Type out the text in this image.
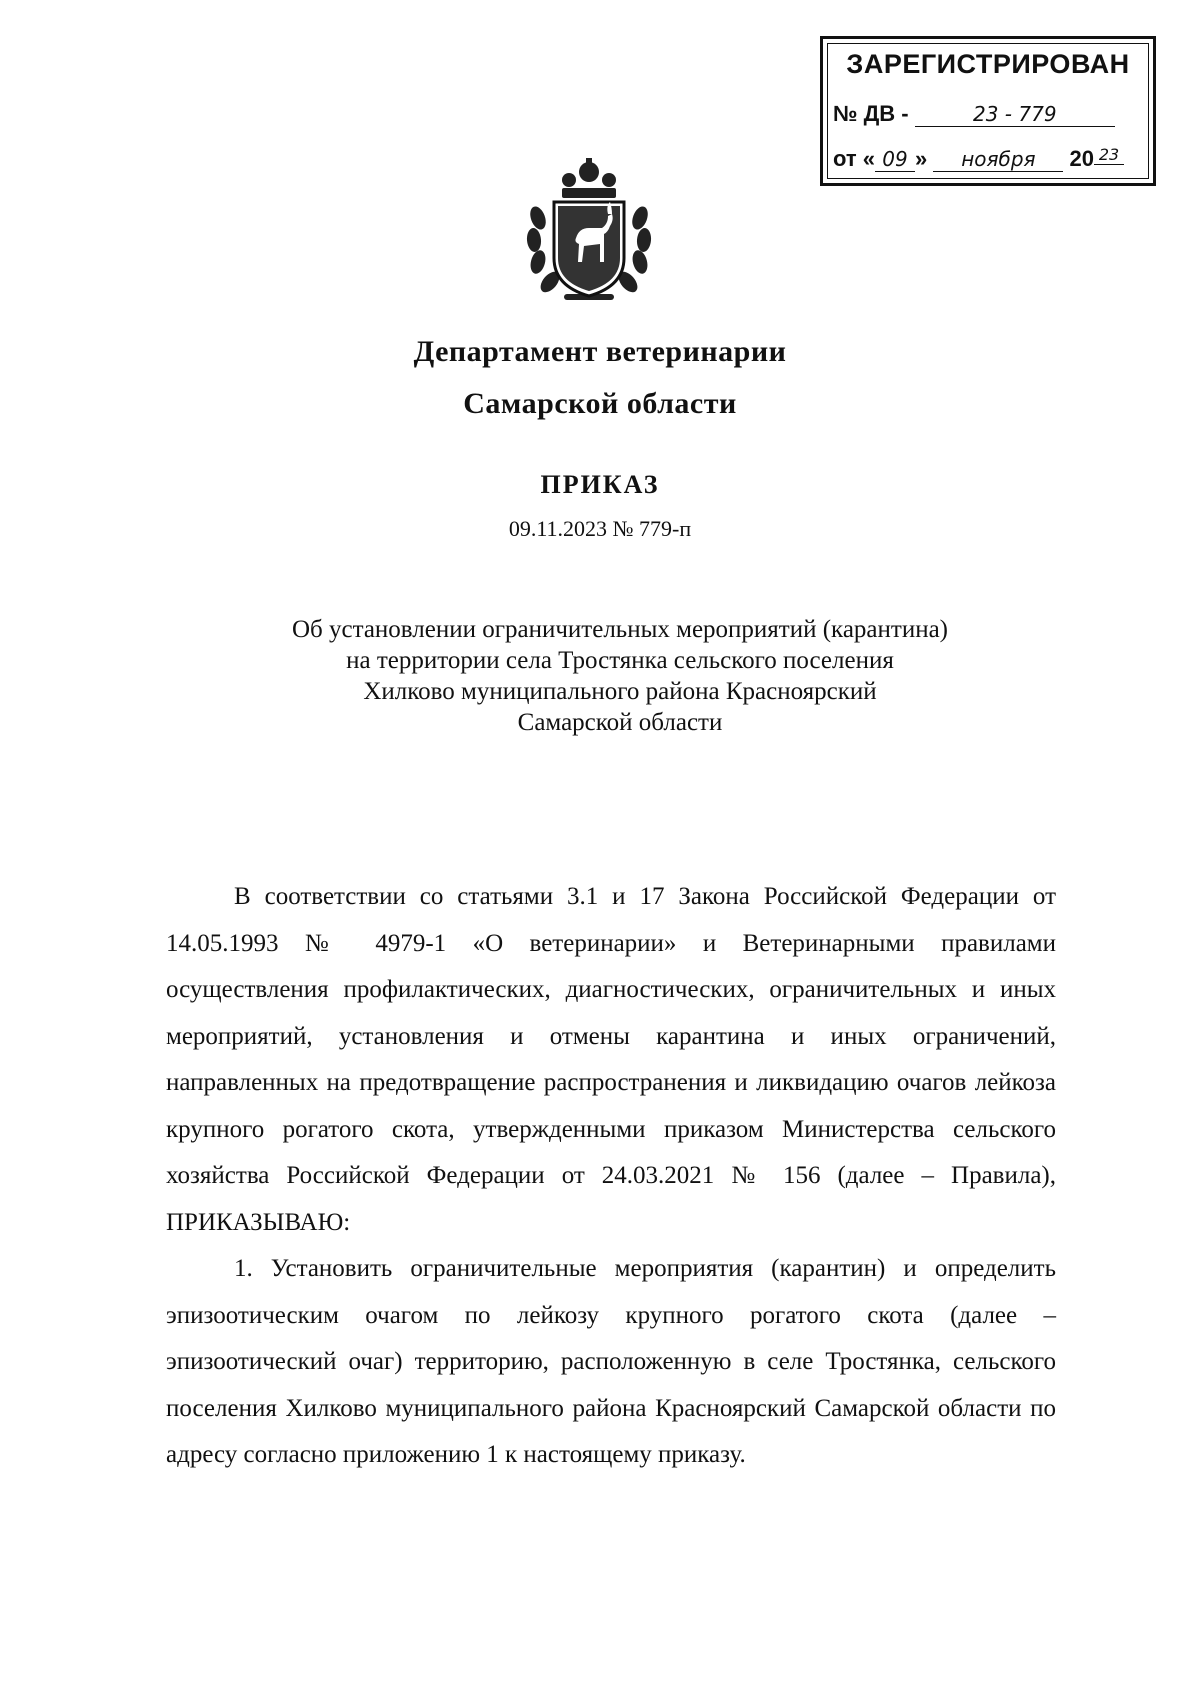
ЗАРЕГИСТРИРОВАН
№ ДВ -	23 - 779
от « 09 » ноября 20 23
Департамент ветеринарии
Самарской области
ПРИКАЗ
09.11.2023 № 779-п
Об установлении ограничительных мероприятий (карантина)
на территории села Тростянка сельского поселения
Хилково муниципального района Красноярский
Самарской области

В соответствии со статьями 3.1 и 17 Закона Российской Федерации от 14.05.1993 № 4979-1 «О ветеринарии» и Ветеринарными правилами осуществления профилактических, диагностических, ограничительных и иных мероприятий, установления и отмены карантина и иных ограничений, направленных на предотвращение распространения и ликвидацию очагов лейкоза крупного рогатого скота, утвержденными приказом Министерства сельского хозяйства Российской Федерации от 24.03.2021 № 156 (далее – Правила), ПРИКАЗЫВАЮ:

1. Установить ограничительные мероприятия (карантин) и определить эпизоотическим очагом по лейкозу крупного рогатого скота (далее – эпизоотический очаг) территорию, расположенную в селе Тростянка, сельского поселения Хилково муниципального района Красноярский Самарской области по адресу согласно приложению 1 к настоящему приказу.
